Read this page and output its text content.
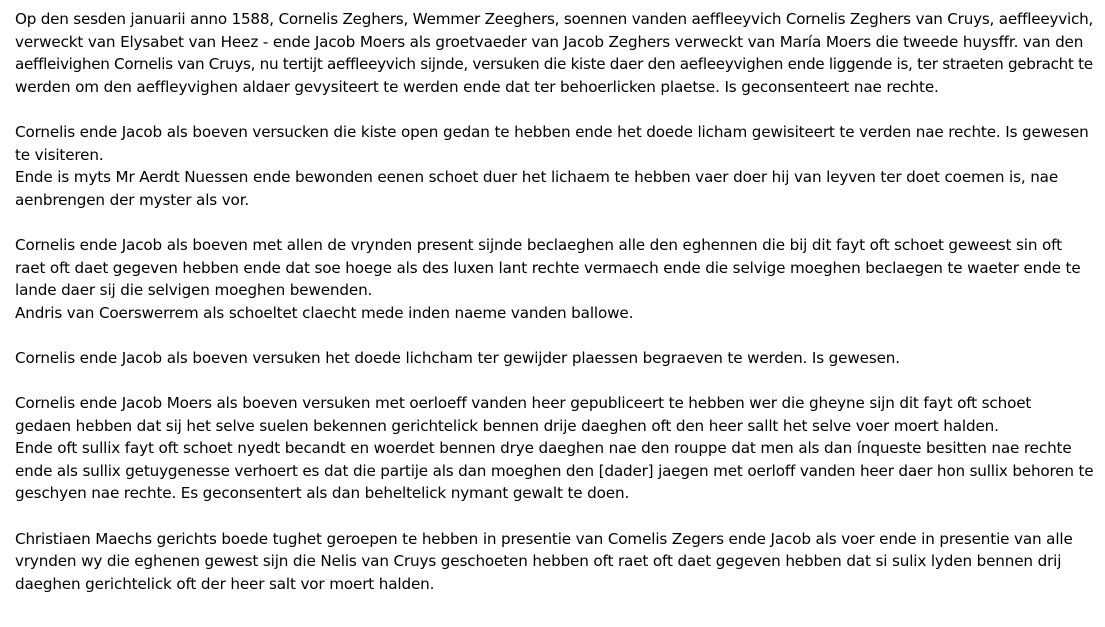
Op den sesden januarii anno 1588, Cornelis Zeghers, Wemmer Zeeghers, soennen vanden aeffleeyvich Cornelis Zeghers van Cruys, aeffleeyvich,
verweckt van Elysabet van Heez - ende Jacob Moers als groetvaeder van Jacob Zeghers verweckt van María Moers die tweede huysffr. van den
aeffleivighen Cornelis van Cruys, nu tertijt aeffleeyvich sijnde, versuken die kiste daer den aefleeyvighen ende liggende is, ter straeten gebracht te
werden om den aeffleyvighen aldaer gevysiteert te werden ende dat ter behoerlicken plaetse. Is geconsenteert nae rechte.
Cornelis ende Jacob als boeven versucken die kiste open gedan te hebben ende het doede licham gewisiteert te verden nae rechte. Is gewesen
te visiteren.
Ende is myts Mr Aerdt Nuessen ende bewonden eenen schoet duer het lichaem te hebben vaer doer hij van leyven ter doet coemen is, nae
aenbrengen der myster als vor.
Cornelis ende Jacob als boeven met allen de vrynden present sijnde beclaeghen alle den eghennen die bij dit fayt oft schoet geweest sin oft
raet oft daet gegeven hebben ende dat soe hoege als des luxen lant rechte vermaech ende die selvige moeghen beclaegen te waeter ende te
lande daer sij die selvigen moeghen bewenden.
Andris van Coerswerrem als schoeltet claecht mede inden naeme vanden ballowe.
Cornelis ende Jacob als boeven versuken het doede lichcham ter gewijder plaessen begraeven te werden. Is gewesen.
Cornelis ende Jacob Moers als boeven versuken met oerloeff vanden heer gepubliceert te hebben wer die gheyne sijn dit fayt oft schoet
gedaen hebben dat sij het selve suelen bekennen gerichtelick bennen drije daeghen oft den heer sallt het selve voer moert halden.
Ende oft sullix fayt oft schoet nyedt becandt en woerdet bennen drye daeghen nae den rouppe dat men als dan ínqueste besitten nae rechte
ende als sullix getuygenesse verhoert es dat die partije als dan moeghen den [dader] jaegen met oerloff vanden heer daer hon sullix behoren te
geschyen nae rechte. Es geconsentert als dan beheltelick nymant gewalt te doen.
Christiaen Maechs gerichts boede tughet geroepen te hebben in presentie van Comelis Zegers ende Jacob als voer ende in presentie van alle
vrynden wy die eghenen gewest sijn die Nelis van Cruys geschoeten hebben oft raet oft daet gegeven hebben dat si sulix lyden bennen drij
daeghen gerichtelick oft der heer salt vor moert halden.
